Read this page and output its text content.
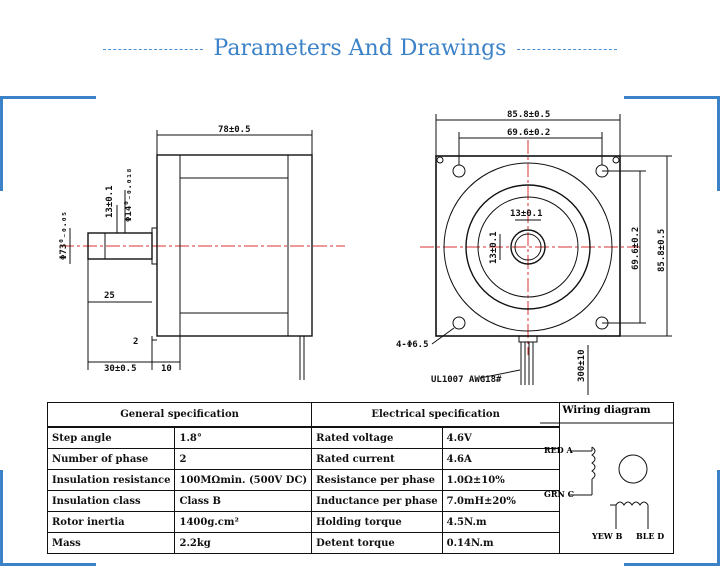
Parameters And Drawings
78±0.5
13±0.1 Φ14⁰₋₀.₀₁₈
Φ73⁰₋₀.₀₅
25
2
30±0.5	10
85.8±0.5
69.6±0.2
69.6±0.2 85.8±0.5
13±0.1
13±0.1
4-Φ6.5
UL1007 AWG18#	300±10
General specification		Electrical specification		
Step angle	1.8°	Rated voltage	4.6V	
Number of phase	2	Rated current	4.6A	
Insulation resistance	100MΩmin. (500V DC)	Resistance per phase	1.0Ω±10%	
Insulation class	Class B	Inductance per phase	7.0mH±20%	
Rotor inertia	1400g.cm²	Holding torque	4.5N.m	
Mass	2.2kg	Detent torque	0.14N.m	
Wiring diagram
RED A
GRN C
YEW B BLE D
